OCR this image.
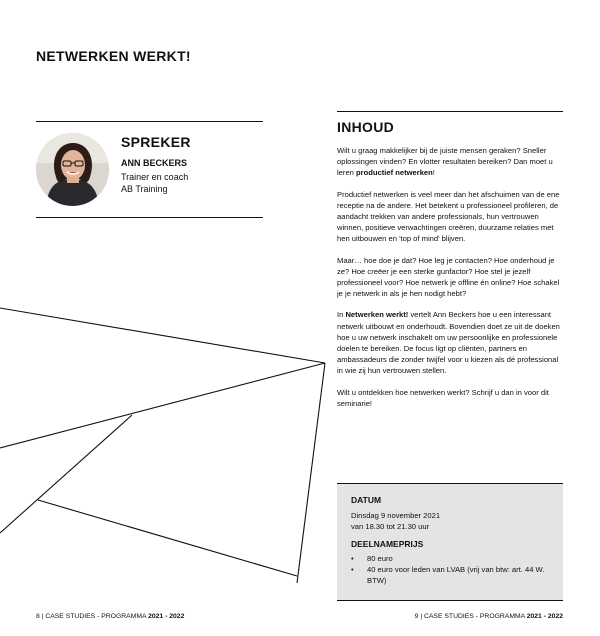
NETWERKEN WERKT!
SPREKER
ANN BECKERS
Trainer en coach
AB Training
INHOUD

Wilt u graag makkelijker bij de juiste mensen geraken? Sneller oplossingen vinden? En vlotter resultaten bereiken? Dan moet u leren productief netwerken!

Productief netwerken is veel meer dan het afschuimen van de ene receptie na de andere. Het betekent u professioneel profileren, de aandacht trekken van andere professionals, hun vertrouwen winnen, positieve verwachtingen creëren, duurzame relaties met hen uitbouwen en 'top of mind' blijven.

Maar… hoe doe je dat? Hoe leg je contacten? Hoe onderhoud je ze? Hoe creëer je een sterke gunfactor? Hoe stel je jezelf professioneel voor? Hoe netwerk je offline én online? Hoe schakel je je netwerk in als je hen nodigt hebt?

In Netwerken werkt! vertelt Ann Beckers hoe u een interessant netwerk uitbouwt en onderhoudt. Bovendien doet ze uit de doeken hoe u uw netwerk inschakelt om uw persoonlijke en professionele doelen te bereiken. De focus ligt op cliënten, partners en ambassadeurs die zonder twijfel voor u kiezen als dé professional in wie zij hun vertrouwen stellen.

Wilt u ontdekken hoe netwerken werkt? Schrijf u dan in voor dit seminarie!

DATUM
Dinsdag 9 november 2021
van 18.30 tot 21.30 uur
DEELNAMEPRIJS
• 80 euro
• 40 euro voor leden van LVAB (vrij van btw: art. 44 W. BTW)
8 | CASE STUDIES - PROGRAMMA 2021 - 2022	9 | CASE STUDIES - PROGRAMMA 2021 - 2022
